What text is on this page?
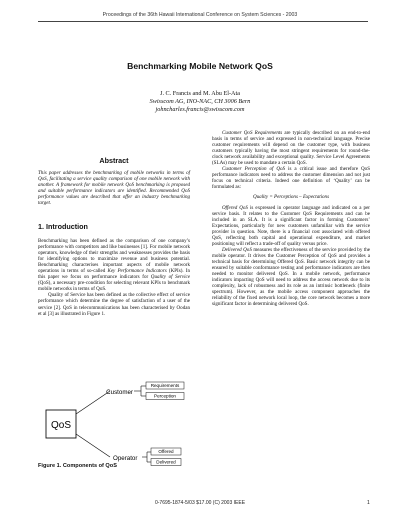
Proceedings of the 36th Hawaii International Conference on System Sciences - 2003
Benchmarking Mobile Network QoS
J. C. Francis and M. Abu El-Ata
Swisscom AG, INO-NAC, CH 3006 Bern
johncharles.francis@swisscom.com
Abstract

This paper addresses the benchmarking of mobile networks in terms of QoS, facilitating a service quality comparison of one mobile network with another. A framework for mobile network QoS benchmarking is proposed and suitable performance indicators are identified. Recommended QoS performance values are described that offer an industry benchmarking target.

1. Introduction

Benchmarking has been defined as the comparison of one company’s performance with competitors and like businesses [1]. For mobile network operators, knowledge of their strengths and weaknesses provides the basis for identifying options to maximize revenue and business potential. Benchmarking characterises important aspects of mobile network operations in terms of so-called Key Performance Indicators (KPIs). In this paper we focus on performance indicators for Quality of Service (QoS), a necessary pre-condition for selecting relevant KPIs to benchmark mobile networks in terms of QoS.

Quality of Service has been defined as the collective effect of service performance which determine the degree of satisfaction of a user of the service [2]. QoS in telecommunications has been characterised by Oodan et al [3] as illustrated in Figure 1.

QoS
Customer
Operator
Requirements
Perception
Offered
Delivered
Figure 1. Components of QoS

Customer QoS Requirements are typically described on an end-to-end basis in terms of service and expressed in non-technical language. Precise customer requirements will depend on the customer type, with business customers typically having the most stringent requirements for round-the-clock network availability and exceptional quality. Service Level Agreements (SLAs) may be used to mandate a certain QoS.

Customer Perception of QoS is a critical issue and therefore QoS performance indicators need to address the customer dimension and not just focus on technical criteria. Indeed one definition of ‘Quality’ can be formulated as:

Quality = Perceptions – Expectations

Offered QoS is expressed in operator language and indicated on a per service basis. It relates to the Customer QoS Requirements and can be included in an SLA. It is a significant factor in forming Customers’ Expectations, particularly for new customers unfamiliar with the service provider in question. Note, there is a financial cost associated with offered QoS, reflecting both capital and operational expenditure, and market positioning will reflect a trade-off of quality versus price.

Delivered QoS measures the effectiveness of the service provided by the mobile operator. It drives the Customer Perception of QoS and provides a technical basis for determining Offered QoS. Basic network integrity can be ensured by suitable conformance testing and performance indicators are then needed to monitor delivered QoS. In a mobile network, performance indicators impacting QoS will need to address the access network due to its complexity, lack of robustness and its role as an intrinsic bottleneck (finite spectrum). However, as the mobile access component approaches the reliability of the fixed network local loop, the core network becomes a more significant factor in determining delivered QoS.

0-7695-1874-5/03 $17.00 (C) 2003 IEEE	1
